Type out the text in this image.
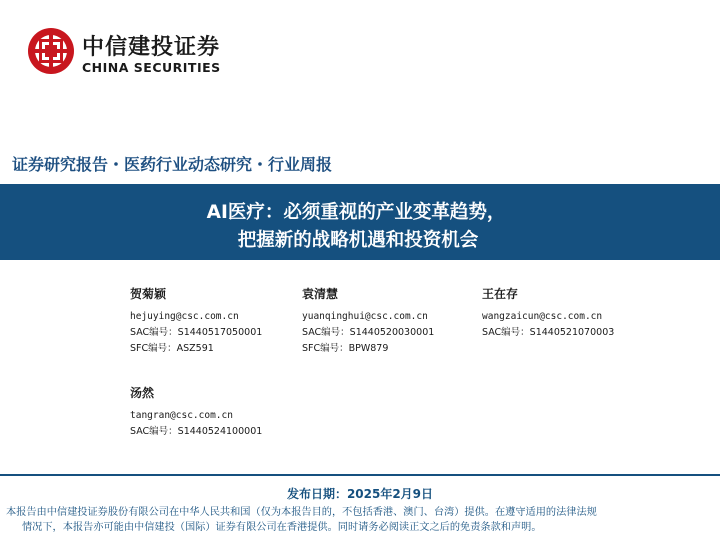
中信建投证券
CHINA SECURITIES
证券研究报告・医药行业动态研究・行业周报
AI医疗：必须重视的产业变革趋势，
把握新的战略机遇和投资机会
贺菊颖
hejuying@csc.com.cn
SAC编号：S1440517050001
SFC编号：ASZ591
袁清慧
yuanqinghui@csc.com.cn
SAC编号：S1440520030001
SFC编号：BPW879
王在存
wangzaicun@csc.com.cn
SAC编号：S1440521070003
汤然
tangran@csc.com.cn
SAC编号：S1440524100001
发布日期：2025年2月9日
本报告由中信建投证券股份有限公司在中华人民共和国（仅为本报告目的，不包括香港、澳门、台湾）提供。在遵守适用的法律法规
情况下，本报告亦可能由中信建投（国际）证券有限公司在香港提供。同时请务必阅读正文之后的免责条款和声明。
